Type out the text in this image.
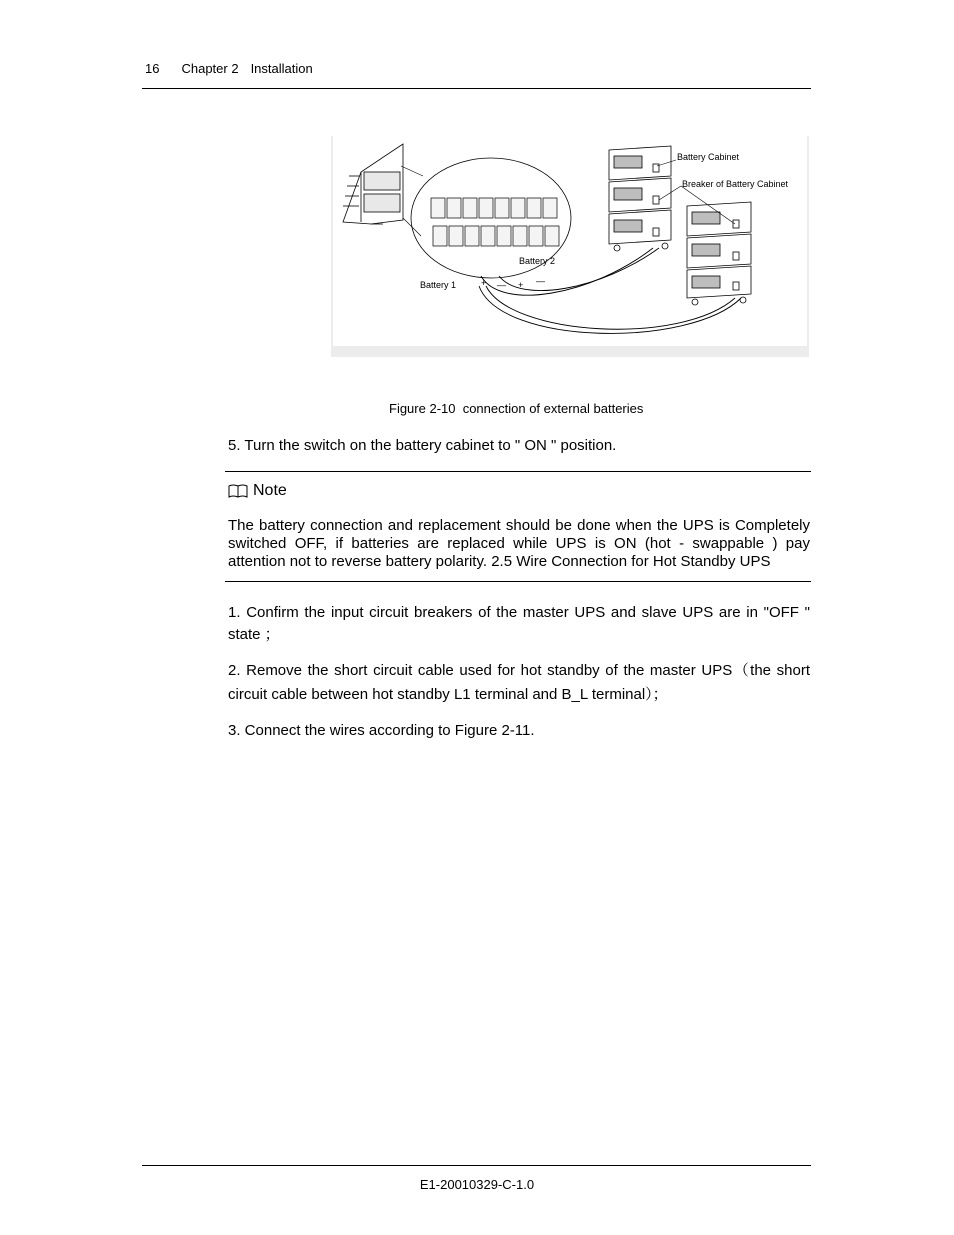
16 Chapter 2 Installation
Battery Cabinet
Breaker of Battery Cabinet
Battery 2
Battery 1	+ — + —
Figure 2-10  connection of external batteries
5. Turn the switch on the battery cabinet to " ON " position.
Note
The battery connection and replacement should be done when the UPS is Completely switched OFF, if batteries are replaced while UPS is ON (hot - swappable ) pay attention not to reverse battery polarity. 2.5 Wire Connection for Hot Standby UPS
1. Confirm the input circuit breakers of the master UPS and slave UPS are in "OFF " state ；
2. Remove the short circuit cable used for hot standby of the master UPS（the short circuit cable between hot standby L1 terminal and B_L terminal）；
3. Connect the wires according to Figure 2-11.
E1-20010329-C-1.0
